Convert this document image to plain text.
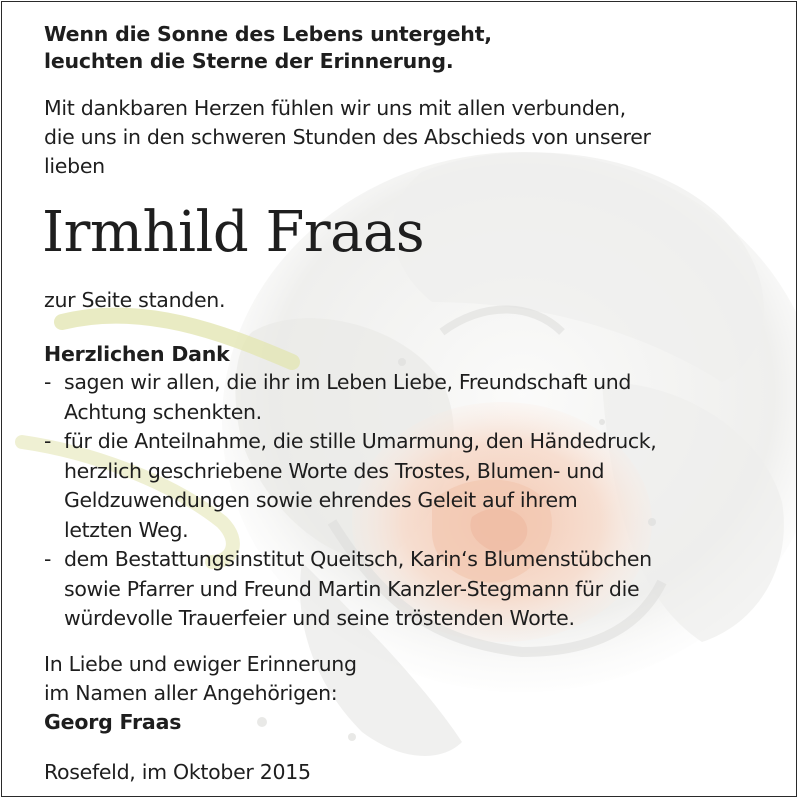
Wenn die Sonne des Lebens untergeht,
leuchten die Sterne der Erinnerung.
Mit dankbaren Herzen fühlen wir uns mit allen verbunden,
die uns in den schweren Stunden des Abschieds von unserer
lieben
Irmhild Fraas
zur Seite standen.
Herzlichen Dank
- sagen wir allen, die ihr im Leben Liebe, Freundschaft und
Achtung schenkten.
- für die Anteilnahme, die stille Umarmung, den Händedruck,
herzlich geschriebene Worte des Trostes, Blumen- und
Geldzuwendungen sowie ehrendes Geleit auf ihrem
letzten Weg.
- dem Bestattungsinstitut Queitsch, Karin‘s Blumenstübchen
sowie Pfarrer und Freund Martin Kanzler-Stegmann für die
würdevolle Trauerfeier und seine tröstenden Worte.
In Liebe und ewiger Erinnerung
im Namen aller Angehörigen:
Georg Fraas
Rosefeld, im Oktober 2015
